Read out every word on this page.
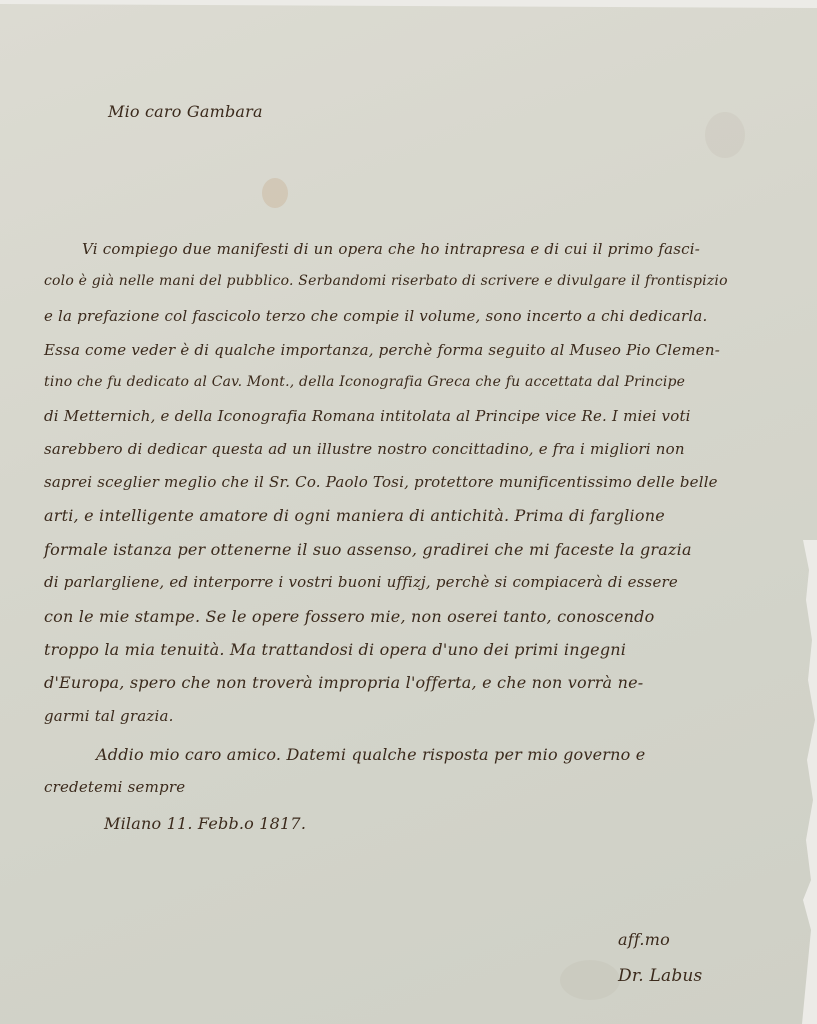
Mio caro Gambara
Vi compiego due manifesti di un opera che ho intrapresa e di cui il primo fasci-
colo è già nelle mani del pubblico. Serbandomi riserbato di scrivere e divulgare il frontispizio
e la prefazione col fascicolo terzo che compie il volume, sono incerto a chi dedicarla.
Essa come veder è di qualche importanza, perchè forma seguito al Museo Pio Clemen-
tino che fu dedicato al Cav. Mont., della Iconografia Greca che fu accettata dal Principe
di Metternich, e della Iconografia Romana intitolata al Principe vice Re. I miei voti
sarebbero di dedicar questa ad un illustre nostro concittadino, e fra i migliori non
saprei sceglier meglio che il Sr. Co. Paolo Tosi, protettore munificentissimo delle belle
arti, e intelligente amatore di ogni maniera di antichità. Prima di farglione
formale istanza per ottenerne il suo assenso, gradirei che mi faceste la grazia
di parlargliene, ed interporre i vostri buoni uffizj, perchè si compiacerà di essere
con le mie stampe. Se le opere fossero mie, non oserei tanto, conoscendo
troppo la mia tenuità. Ma trattandosi di opera d'uno dei primi ingegni
d'Europa, spero che non troverà impropria l'offerta, e che non vorrà ne-
garmi tal grazia.
Addio mio caro amico. Datemi qualche risposta per mio governo e
credetemi sempre
Milano 11. Febb.o 1817.
aff.mo
Dr. Labus
